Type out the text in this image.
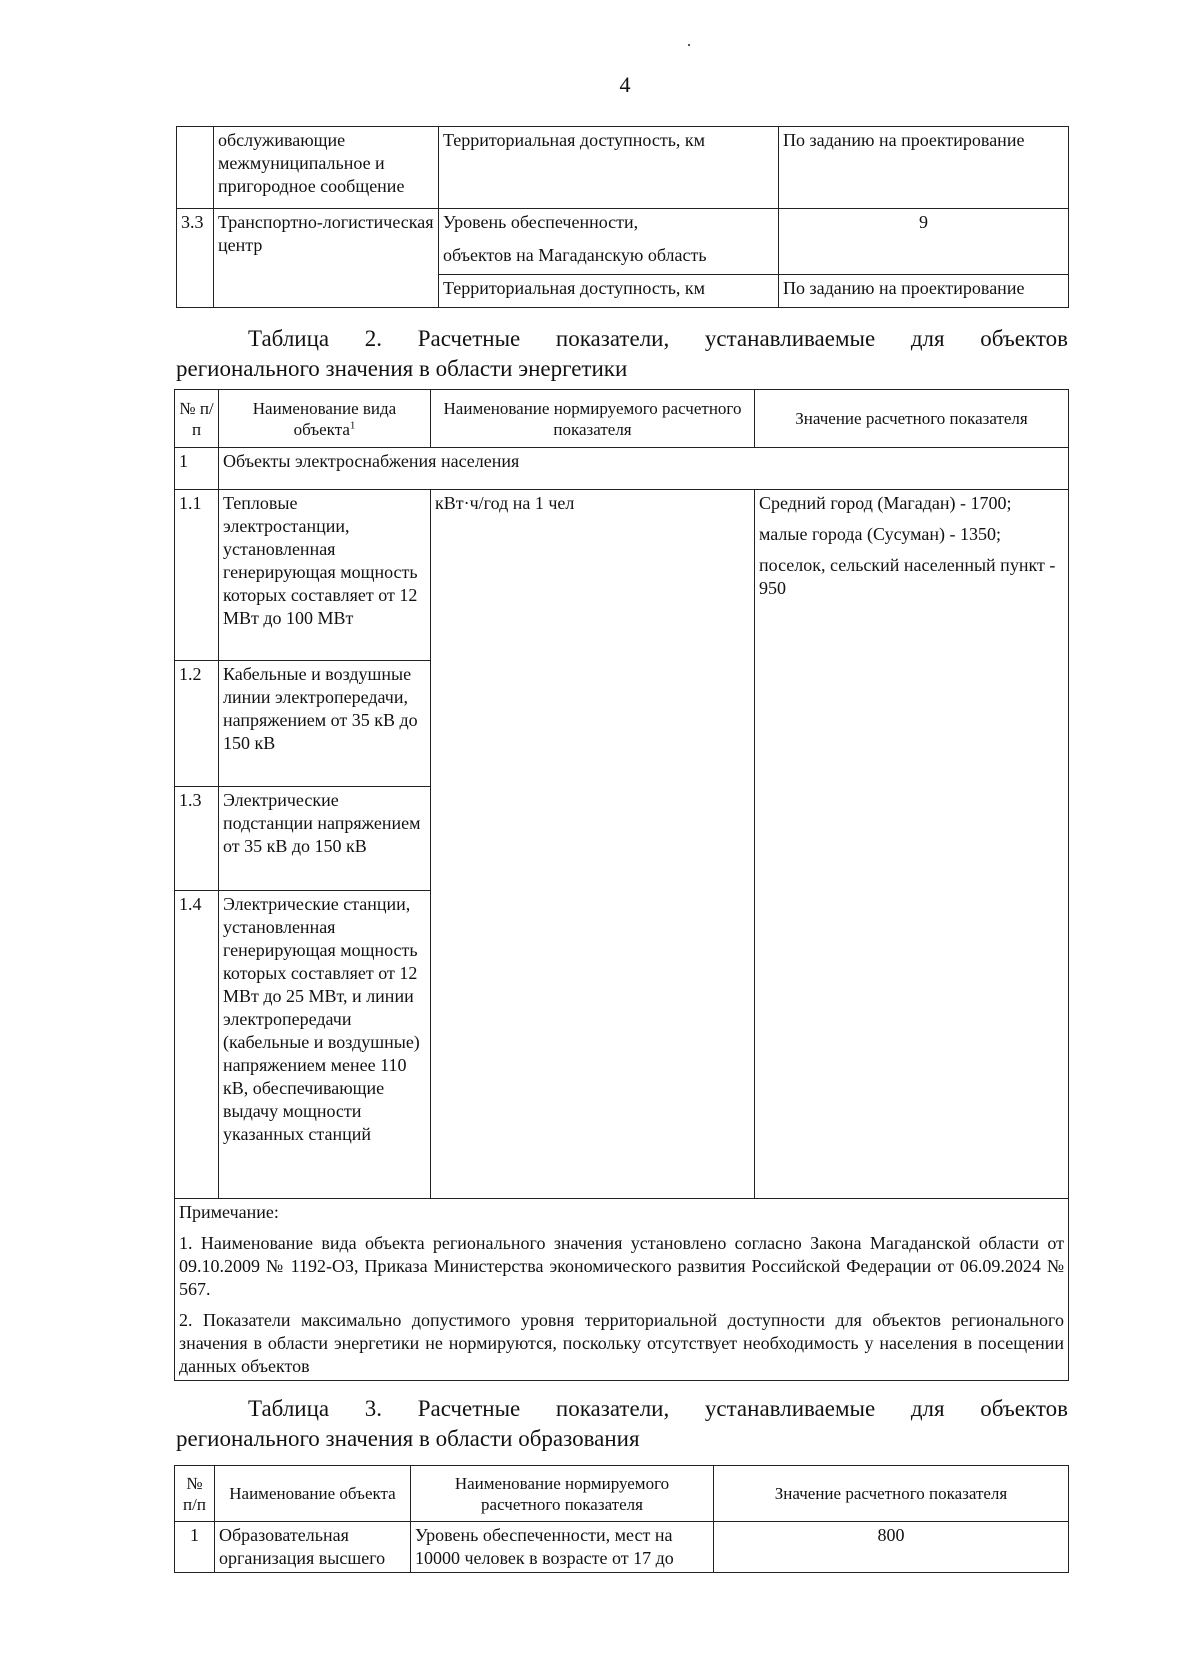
4
	обслуживающие межмуниципальное и пригородное сообщение	Территориальная доступность, км	По заданию на проектирование
3.3	Транспортно-логистическая центр	Уровень обеспеченности,
объектов на Магаданскую область	9
		Территориальная доступность, км	По заданию на проектирование
Таблица 2. Расчетные показатели, устанавливаемые для объектов
регионального значения в области энергетики
№ п/п	Наименование вида объекта$^1$	Наименование нормируемого расчетного показателя	Значение расчетного показателя
1	Объекты электроснабжения населения		
1.1	Тепловые электростанции, установленная генерирующая мощность которых составляет от 12 МВт до 100 МВт	кВт·ч/год на 1 чел	Средний город (Магадан) - 1700;

малые города (Сусуман) - 1350;

поселок, сельский населенный пункт - 950

1.2	Кабельные и воздушные линии электропередачи, напряжением от 35 кВ до 150 кВ		
1.3	Электрические подстанции напряжением от 35 кВ до 150 кВ		
1.4	Электрические станции, установленная генерирующая мощность которых составляет от 12 МВт до 25 МВт, и линии электропередачи (кабельные и воздушные) напряжением менее 110 кВ, обеспечивающие выдачу мощности указанных станций		

Примечание:

1. Наименование вида объекта регионального значения установлено согласно Закона Магаданской области от 09.10.2009 № 1192-ОЗ, Приказа Министерства экономического развития Российской Федерации от 06.09.2024 № 567.

2. Показатели максимально допустимого уровня территориальной доступности для объектов регионального значения в области энергетики не нормируются, поскольку отсутствует необходимость у населения в посещении данных объектов			

Таблица 3. Расчетные показатели, устанавливаемые для объектов
регионального значения в области образования
№ п/п	Наименование объекта	Наименование нормируемого расчетного показателя	Значение расчетного показателя
1	Образовательная организация высшего	Уровень обеспеченности, мест на 10000 человек в возрасте от 17 до	800
